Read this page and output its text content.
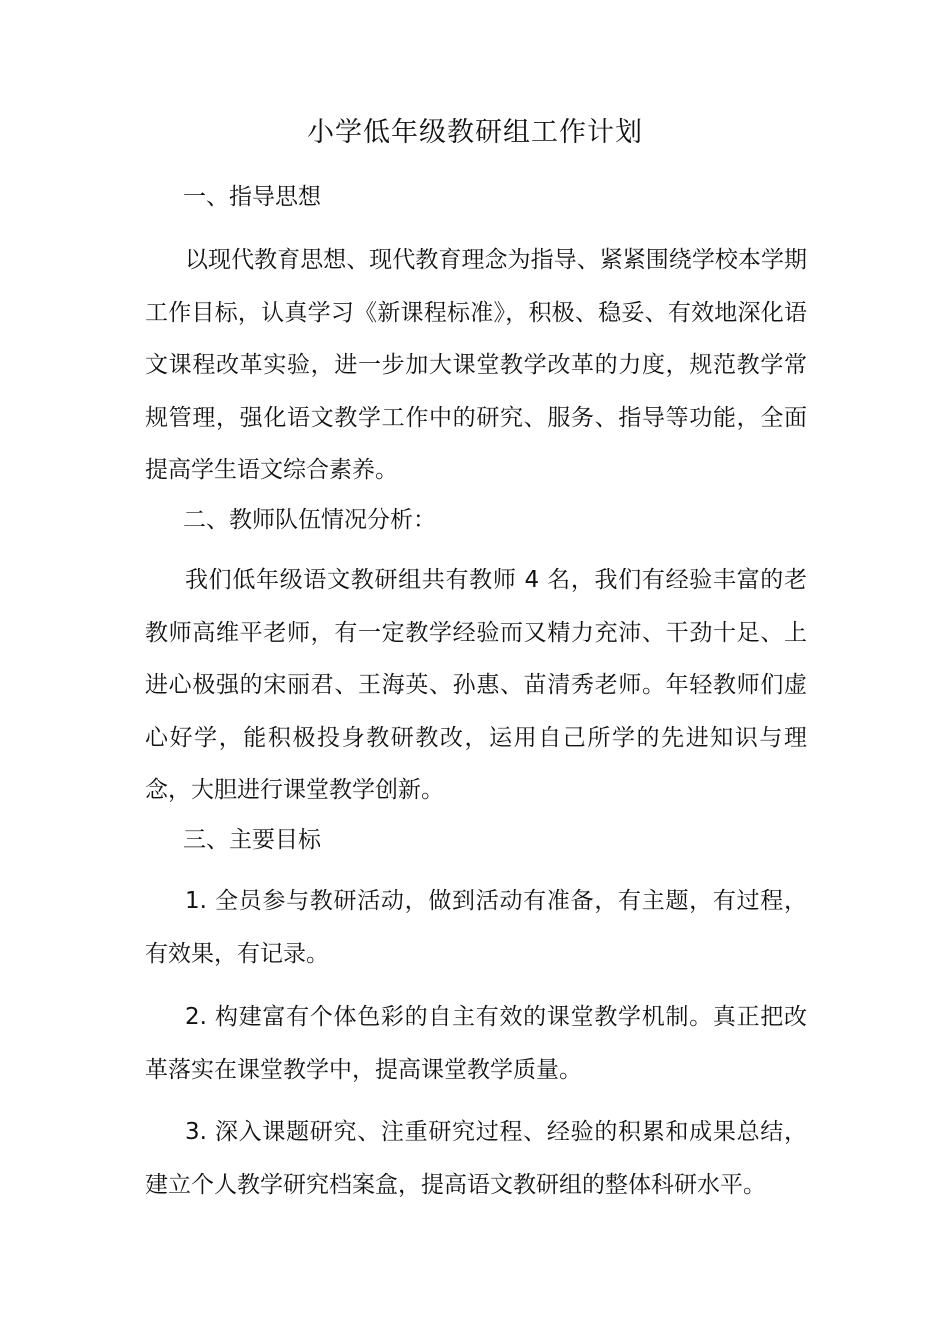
小学低年级教研组工作计划
一、指导思想

以现代教育思想、现代教育理念为指导、紧紧围绕学校本学期工作目标，认真学习《新课程标准》，积极、稳妥、有效地深化语文课程改革实验，进一步加大课堂教学改革的力度，规范教学常规管理，强化语文教学工作中的研究、服务、指导等功能，全面提高学生语文综合素养。

二、教师队伍情况分析：

我们低年级语文教研组共有教师 4 名，我们有经验丰富的老教师高维平老师，有一定教学经验而又精力充沛、干劲十足、上进心极强的宋丽君、王海英、孙惠、苗清秀老师。年轻教师们虚心好学，能积极投身教研教改，运用自己所学的先进知识与理念，大胆进行课堂教学创新。

三、主要目标

1. 全员参与教研活动，做到活动有准备，有主题，有过程，有效果，有记录。

2. 构建富有个体色彩的自主有效的课堂教学机制。真正把改革落实在课堂教学中，提高课堂教学质量。

3. 深入课题研究、注重研究过程、经验的积累和成果总结，建立个人教学研究档案盒，提高语文教研组的整体科研水平。
